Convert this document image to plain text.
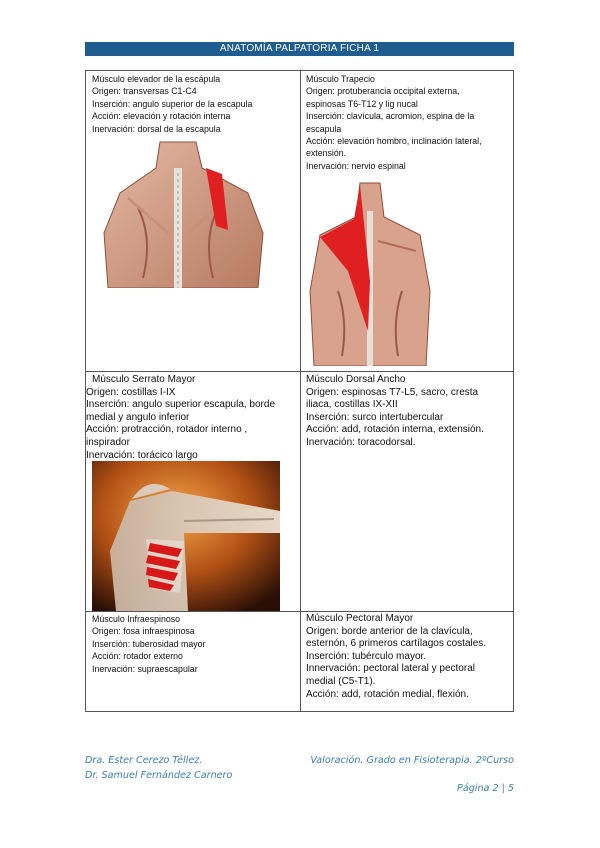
ANATOMÍA PALPATORIA FICHA 1
Músculo elevador de la escápula
Origen: transversas C1-C4
Inserción: angulo superior de la escapula
Acción: elevación y rotación interna
Inervación: dorsal de la escapula
Músculo Trapecio
Origen: protuberancia occipital externa,
espinosas T6-T12 y lig nucal
Inserción: clavícula, acromion, espina de la
escapula
Acción: elevación hombro, inclinación lateral,
extensión.
Inervación: nervio espinal
Músculo Serrato Mayor
Origen: costillas I-IX
Inserción: angulo superior escapula, borde
medial y angulo inferior
Acción: protracción, rotador interno ,
inspirador
Inervación: torácico largo
Músculo Dorsal Ancho
Origen: espinosas T7-L5, sacro, cresta
iliaca, costillas IX-XII
Inserción: surco intertubercular
Acción: add, rotación interna, extensión.
Inervación: toracodorsal.
Músculo Infraespinoso
Origen: fosa infraespinosa
Inserción: tuberosidad mayor
Acción: rotador externo
Inervación: supraescapular
Músculo Pectoral Mayor
Origen: borde anterior de la clavícula,
esternón, 6 primeros cartílagos costales.
Inserción: tubérculo mayor.
Innervación: pectoral lateral y pectoral
medial (C5-T1).
Acción: add, rotación medial, flexión.
Dra. Ester Cerezo Téllez.
Dr. Samuel Fernández Carnero
Valoración. Grado en Fisioterapia. 2ºCurso
Página 2 | 5
